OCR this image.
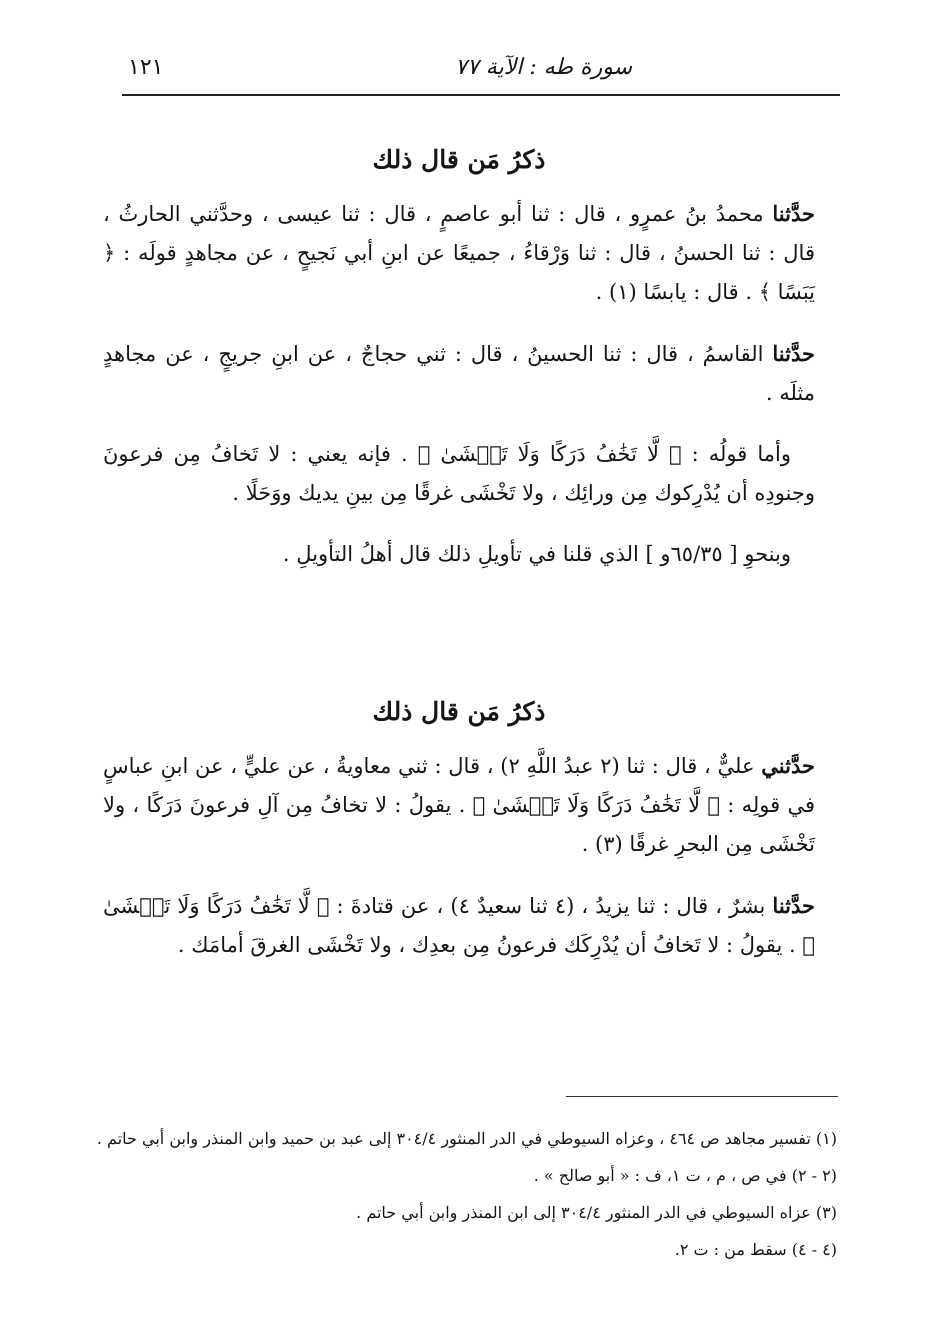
سورة طه : الآية ٧٧
١٢١
ذكرُ مَن قال ذلك

حدَّثنا محمدُ بنُ عمرٍو ، قال : ثنا أبو عاصمٍ ، قال : ثنا عيسى ، وحدَّثني الحارثُ ، قال : ثنا الحسنُ ، قال : ثنا وَرْقاءُ ، جميعًا عن ابنِ أبي نَجيحٍ ، عن مجاهدٍ قولَه : ﴿ يَبَسًا ﴾ . قال : يابسًا (١) .

حدَّثنا القاسمُ ، قال : ثنا الحسينُ ، قال : ثني حجاجٌ ، عن ابنِ جريجٍ ، عن مجاهدٍ مثلَه .

وأما قولُه : ﴿ لَّا تَخَٰفُ دَرَكًا وَلَا تَخۡشَىٰ ﴾ . فإنه يعني : لا تَخافُ مِن فرعونَ وجنودِه أن يُدْرِكوك مِن ورائِك ، ولا تَخْشَى غرقًا مِن بينِ يديك ووَحَلًا .

وبنحوِ [ ٦٥/٣٥و ] الذي قلنا في تأويلِ ذلك قال أهلُ التأويلِ .

ذكرُ مَن قال ذلك

حدَّثني عليٌّ ، قال : ثنا (٢ عبدُ اللَّهِ ٢) ، قال : ثني معاويةُ ، عن عليٍّ ، عن ابنِ عباسٍ في قولِه : ﴿ لَّا تَخَٰفُ دَرَكًا وَلَا تَخۡشَىٰ ﴾ . يقولُ : لا تخافُ مِن آلِ فرعونَ دَرَكًا ، ولا تَخْشَى مِن البحرِ غرقًا (٣) .

حدَّثنا بشرٌ ، قال : ثنا يزيدُ ، (٤ ثنا سعيدٌ ٤) ، عن قتادةَ : ﴿ لَّا تَخَٰفُ دَرَكًا وَلَا تَخۡشَىٰ ﴾ . يقولُ : لا تَخافُ أن يُدْرِكَك فرعونُ مِن بعدِك ، ولا تَخْشَى الغرقَ أمامَك .

(١) تفسير مجاهد ص ٤٦٤ ، وعزاه السيوطي في الدر المنثور ٣٠٤/٤ إلى عبد بن حميد وابن المنذر وابن أبي حاتم .
(٢ - ٢) في ص ، م ، ت ١، ف : « أبو صالح » .
(٣) عزاه السيوطي في الدر المنثور ٣٠٤/٤ إلى ابن المنذر وابن أبي حاتم .
(٤ - ٤) سقط من : ت ٢.
